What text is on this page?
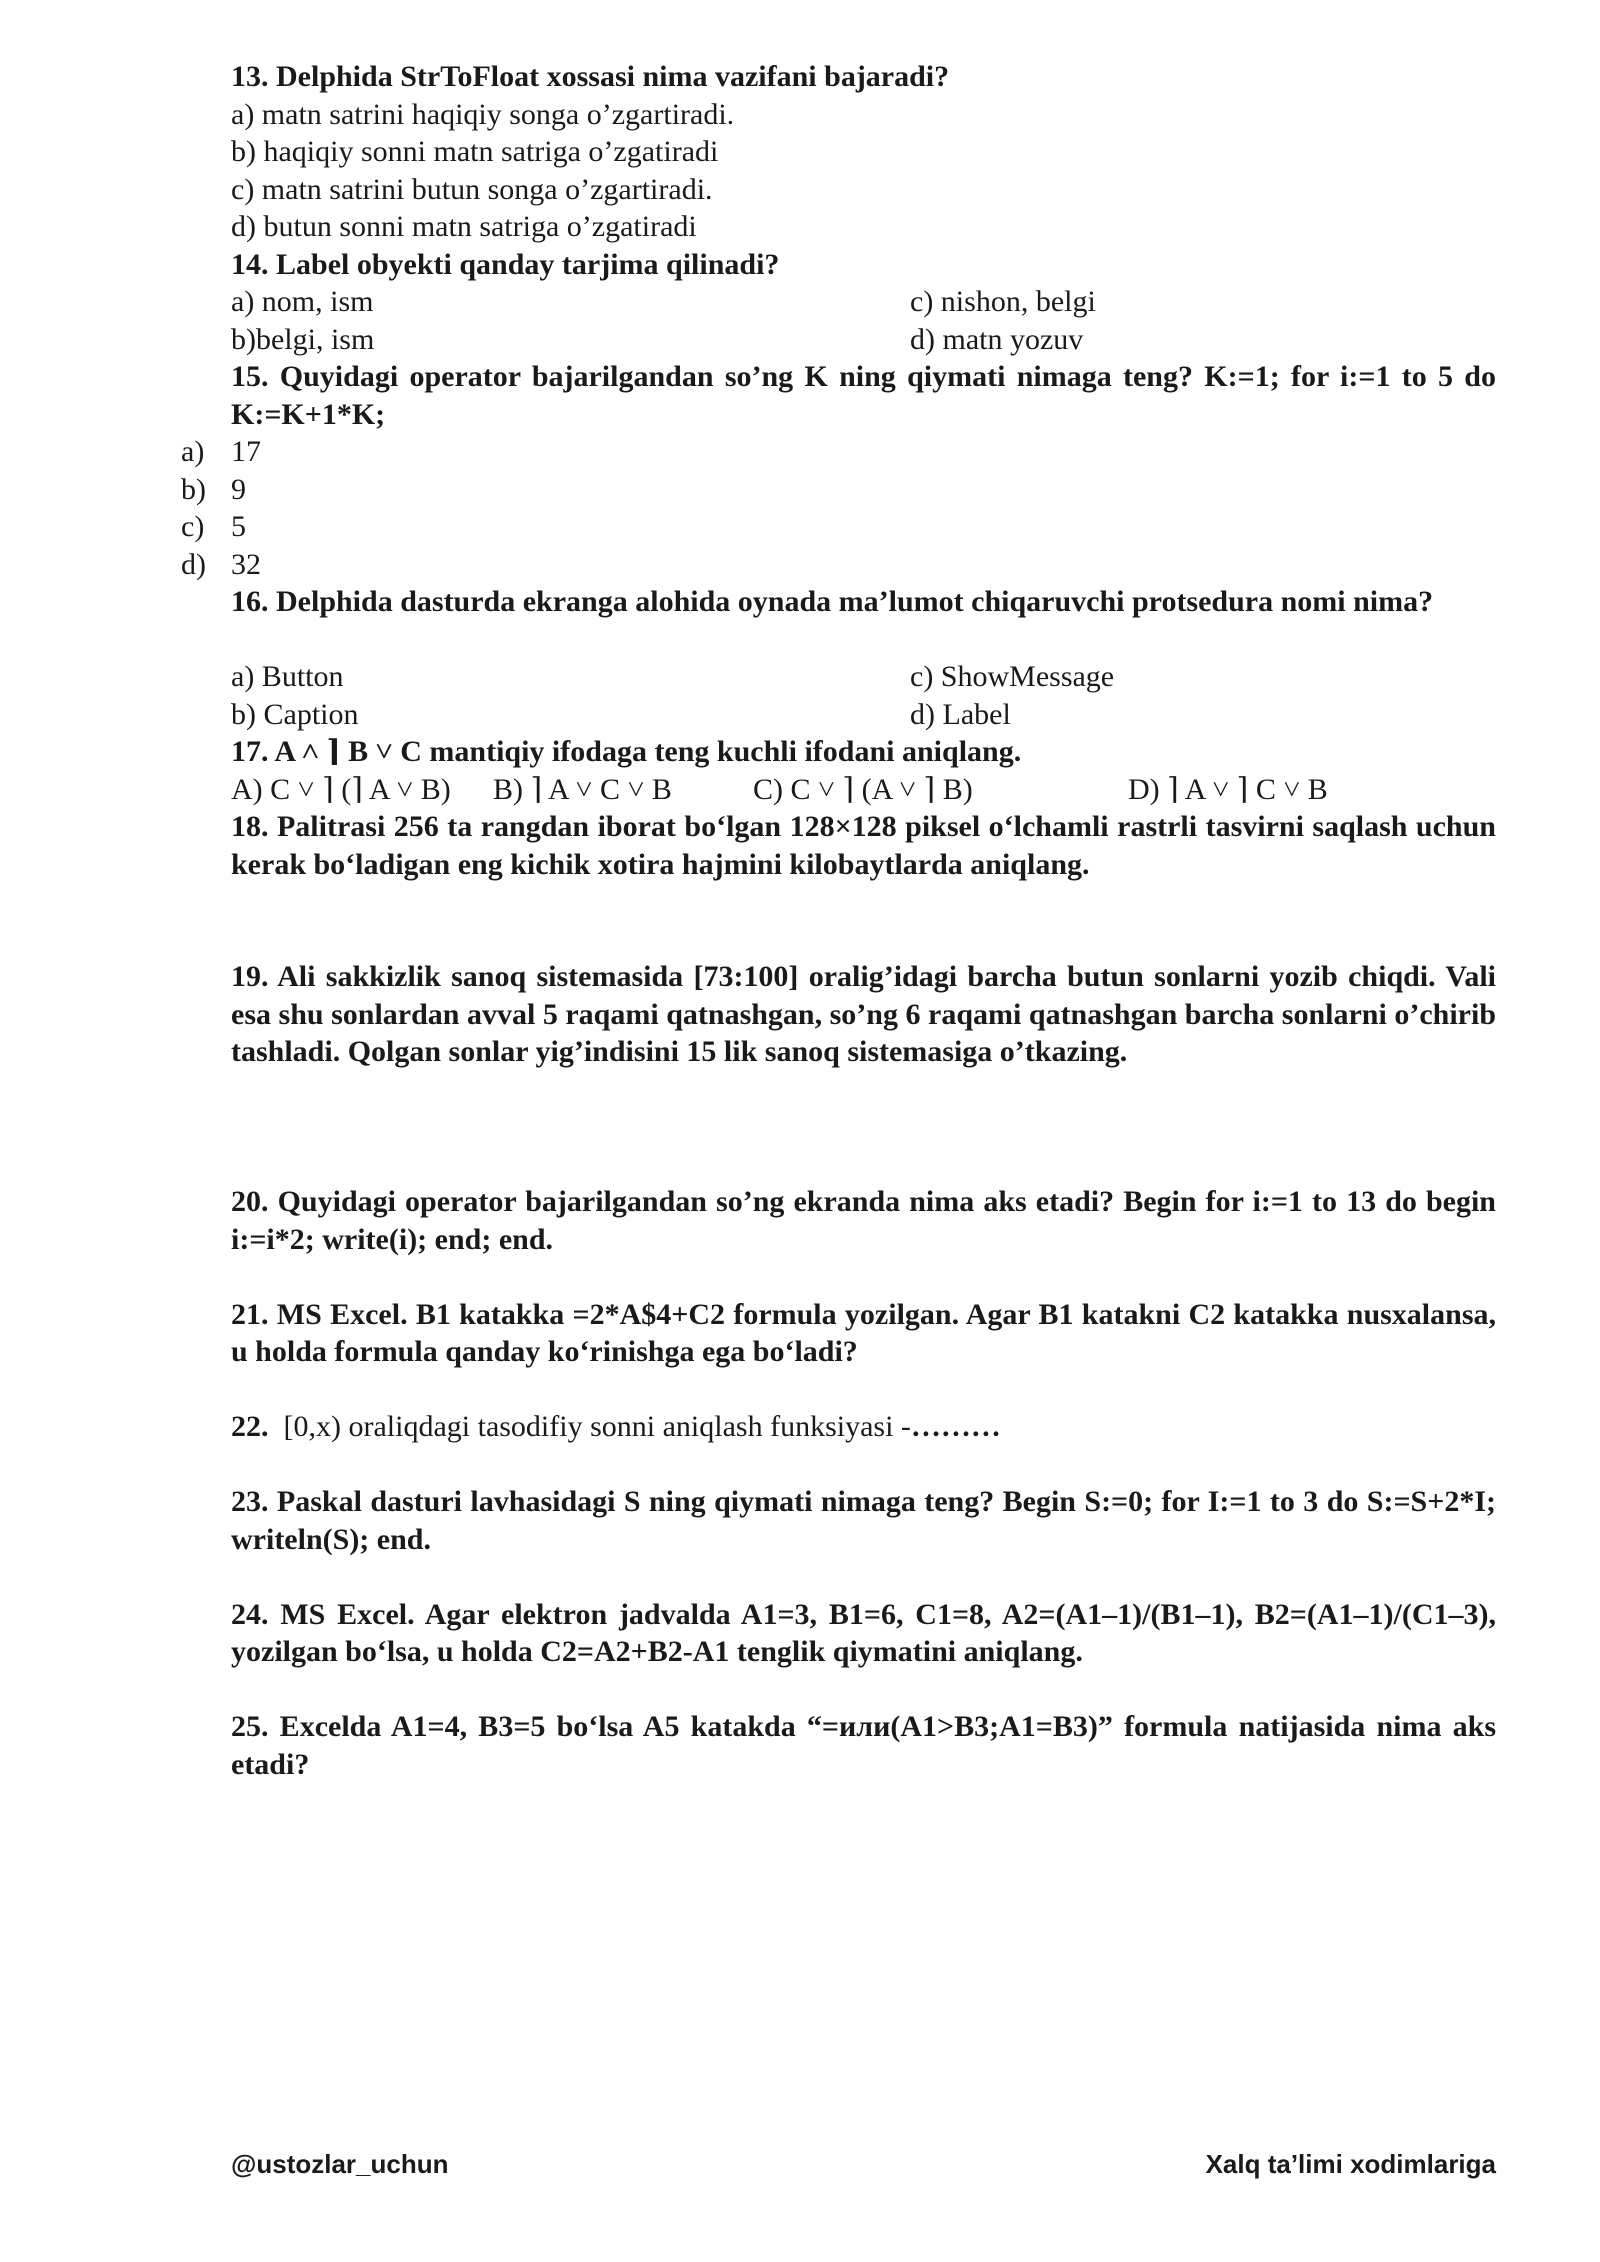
13. Delphida StrToFloat xossasi nima vazifani bajaradi?
a) matn satrini haqiqiy songa o’zgartiradi.
b) haqiqiy sonni matn satriga o’zgatiradi
c) matn satrini butun songa o’zgartiradi.
d) butun sonni matn satriga o’zgatiradi
14. Label obyekti qanday tarjima qilinadi?
a) nom, ism	c) nishon, belgi
b)belgi, ism	d) matn yozuv
15. Quyidagi operator bajarilgandan so’ng K ning qiymati nimaga teng? K:=1; for i:=1 to 5 do K:=K+1*K;
a) 17
b) 9
c) 5
d) 32
16. Delphida dasturda ekranga alohida oynada ma’lumot chiqaruvchi protsedura nomi nima?
a) Button	c) ShowMessage
b) Caption	d) Label
17. A ˄ ⌉ B ˅ C mantiqiy ifodaga teng kuchli ifodani aniqlang.
A) C ˅ ⌉ (⌉ A ˅ B) B) ⌉ A ˅ C ˅ B	C) C ˅ ⌉ (A ˅ ⌉ B)	D) ⌉ A ˅ ⌉ C ˅ B
18. Palitrasi 256 ta rangdan iborat bo‘lgan 128×128 piksel o‘lchamli rastrli tasvirni saqlash uchun kerak bo‘ladigan eng kichik xotira hajmini kilobaytlarda aniqlang.
19. Ali sakkizlik sanoq sistemasida [73:100] oralig’idagi barcha butun sonlarni yozib chiqdi. Vali esa shu sonlardan avval 5 raqami qatnashgan, so’ng 6 raqami qatnashgan barcha sonlarni o’chirib tashladi. Qolgan sonlar yig’indisini 15 lik sanoq sistemasiga o’tkazing.
20. Quyidagi operator bajarilgandan so’ng ekranda nima aks etadi? Begin for i:=1 to 13 do begin i:=i*2; write(i); end; end.
21. MS Excel. B1 katakka =2*A$4+C2 formula yozilgan. Agar B1 katakni C2 katakka nusxalansa, u holda formula qanday ko‘rinishga ega bo‘ladi?
22. [0,x) oraliqdagi tasodifiy sonni aniqlash funksiyasi -………
23. Paskal dasturi lavhasidagi S ning qiymati nimaga teng? Begin S:=0; for I:=1 to 3 do S:=S+2*I; writeln(S); end.
24. MS Excel. Agar elektron jadvalda A1=3, B1=6, C1=8, A2=(A1–1)/(B1–1), B2=(A1–1)/(C1–3), yozilgan bo‘lsa, u holda C2=A2+B2-A1 tenglik qiymatini aniqlang.
25. Excelda A1=4, B3=5 bo‘lsa A5 katakda “=или(A1>B3;A1=B3)” formula natijasida nima aks etadi?
@ustozlar_uchun	Xalq ta’limi xodimlariga
